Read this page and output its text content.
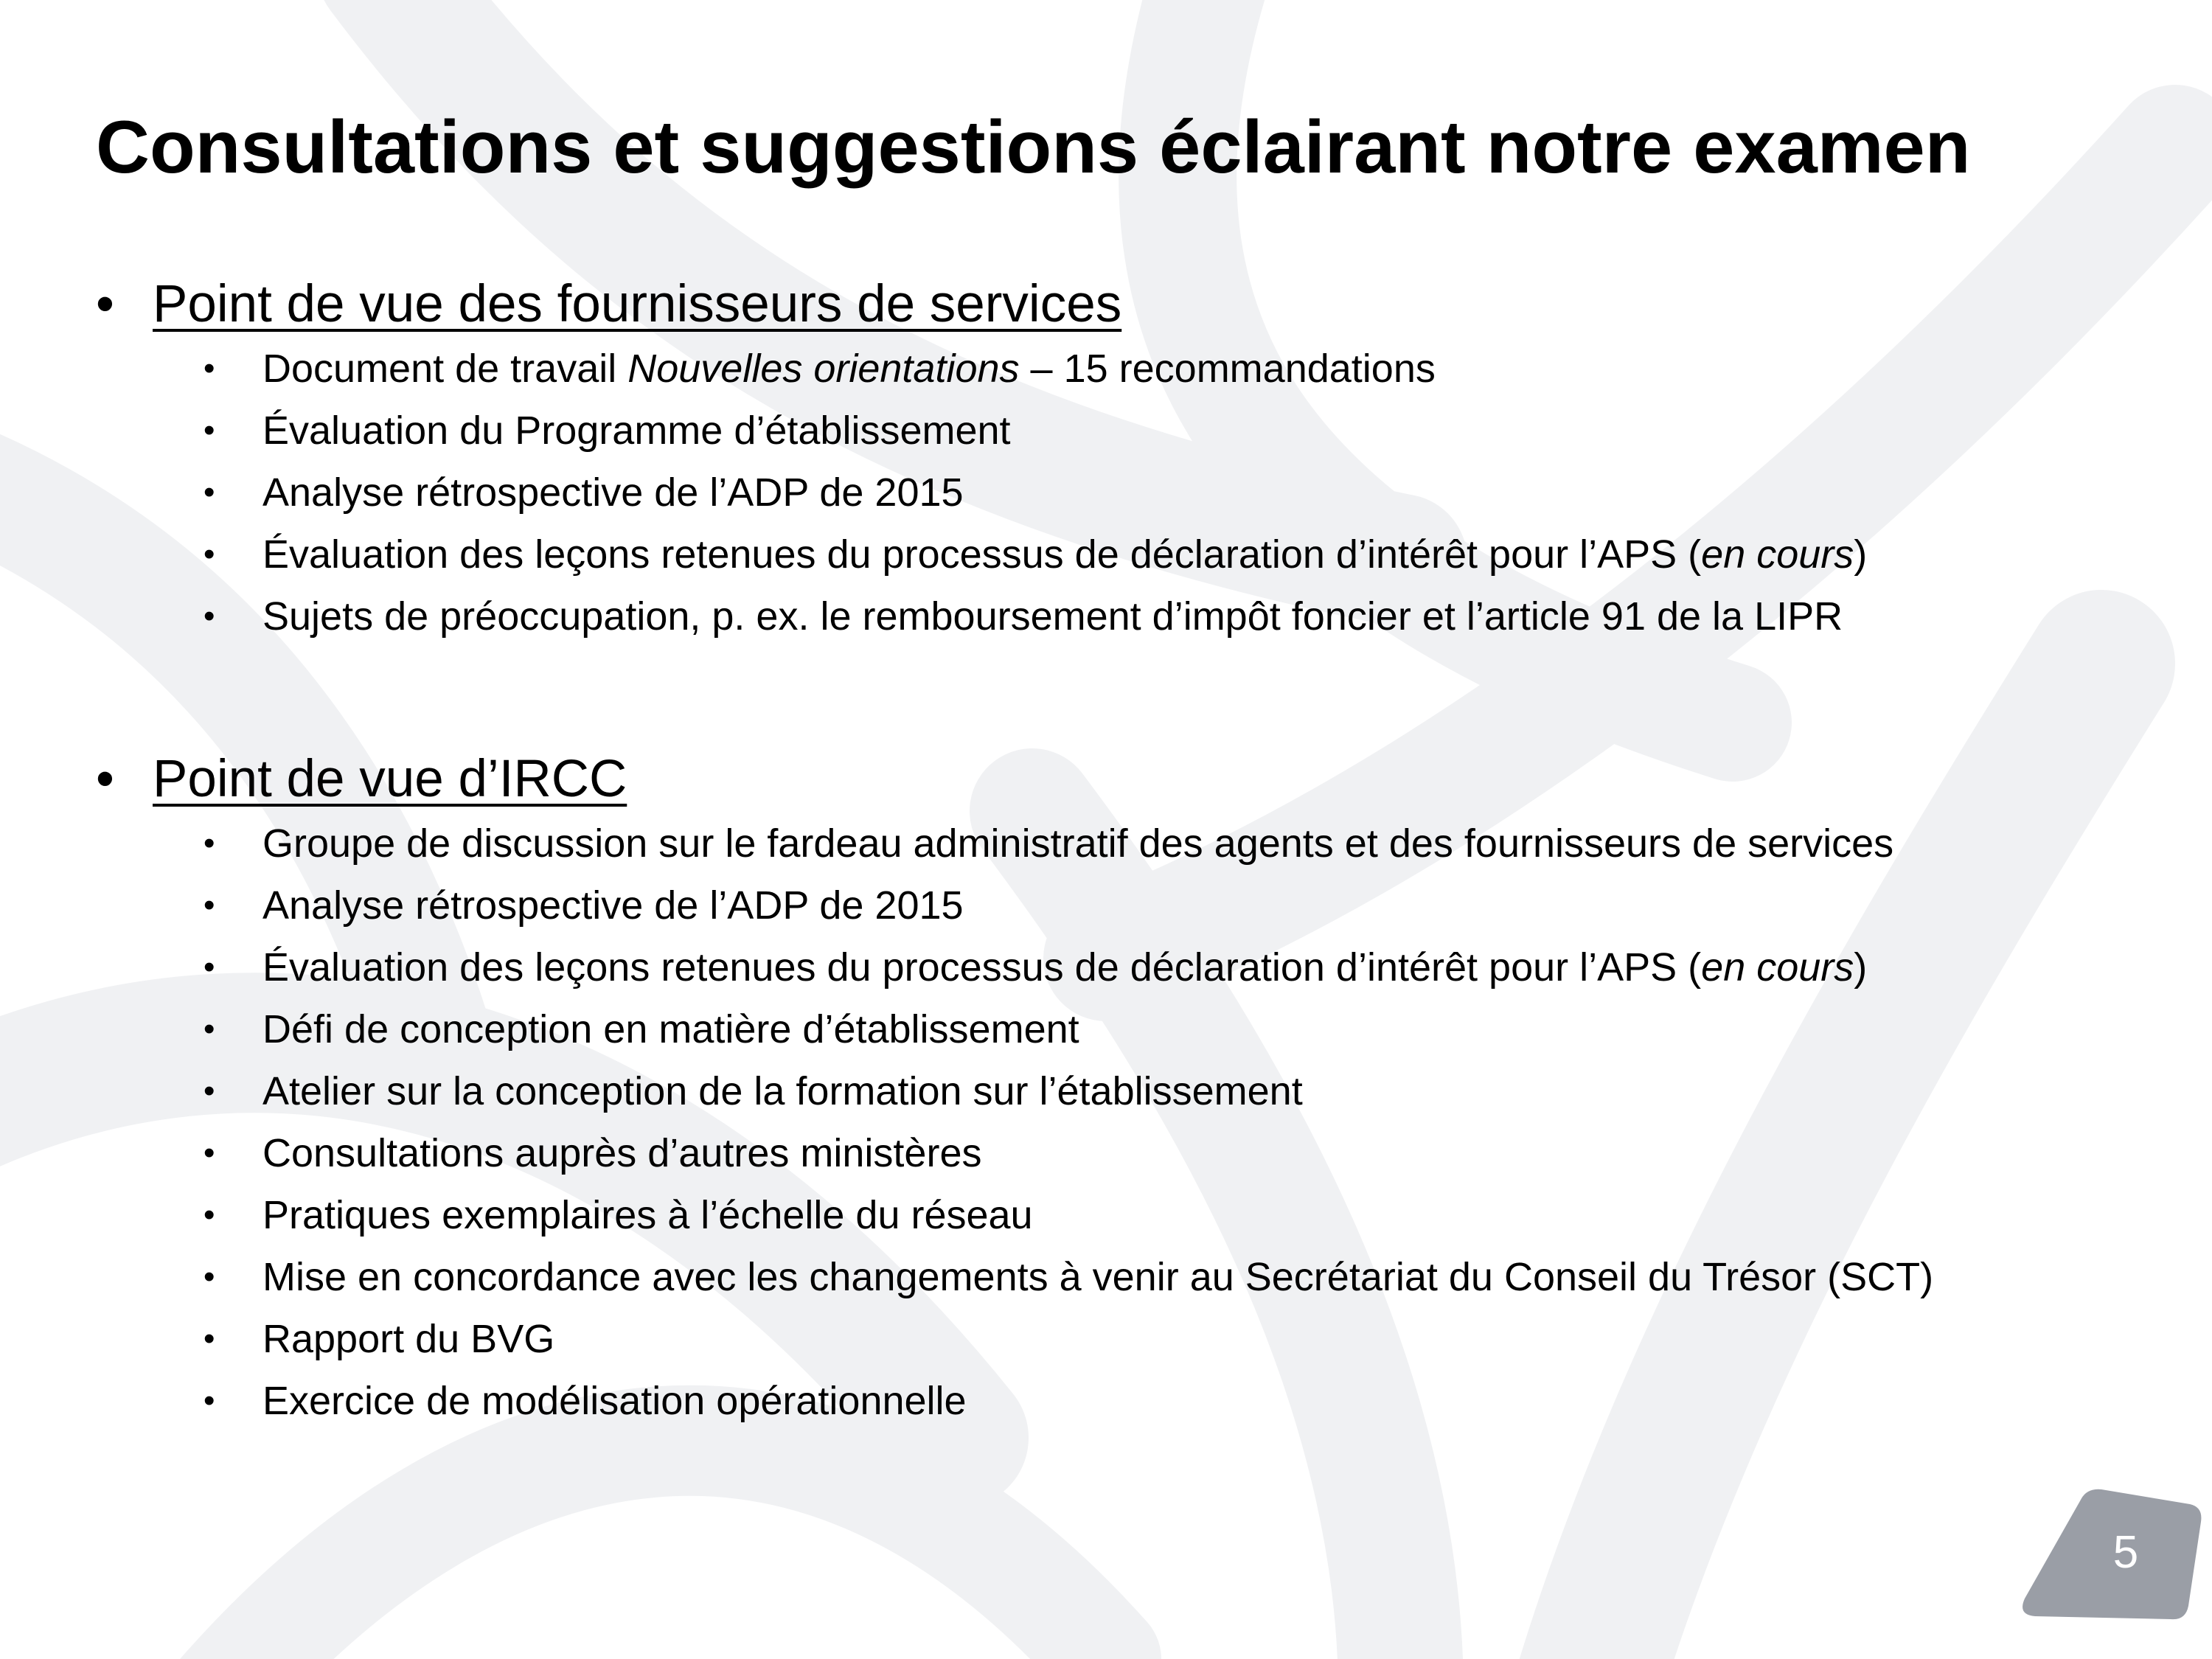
Consultations et suggestions éclairant notre examen
• Point de vue des fournisseurs de services
• Document de travail Nouvelles orientations – 15 recommandations
• Évaluation du Programme d’établissement
• Analyse rétrospective de l’ADP de 2015
• Évaluation des leçons retenues du processus de déclaration d’intérêt pour l’APS (en cours)
• Sujets de préoccupation, p. ex. le remboursement d’impôt foncier et l’article 91 de la LIPR
• Point de vue d’IRCC
• Groupe de discussion sur le fardeau administratif des agents et des fournisseurs de services
• Analyse rétrospective de l’ADP de 2015
• Évaluation des leçons retenues du processus de déclaration d’intérêt pour l’APS (en cours)
• Défi de conception en matière d’établissement
• Atelier sur la conception de la formation sur l’établissement
• Consultations auprès d’autres ministères
• Pratiques exemplaires à l’échelle du réseau
• Mise en concordance avec les changements à venir au Secrétariat du Conseil du Trésor (SCT)
• Rapport du BVG
• Exercice de modélisation opérationnelle
5
